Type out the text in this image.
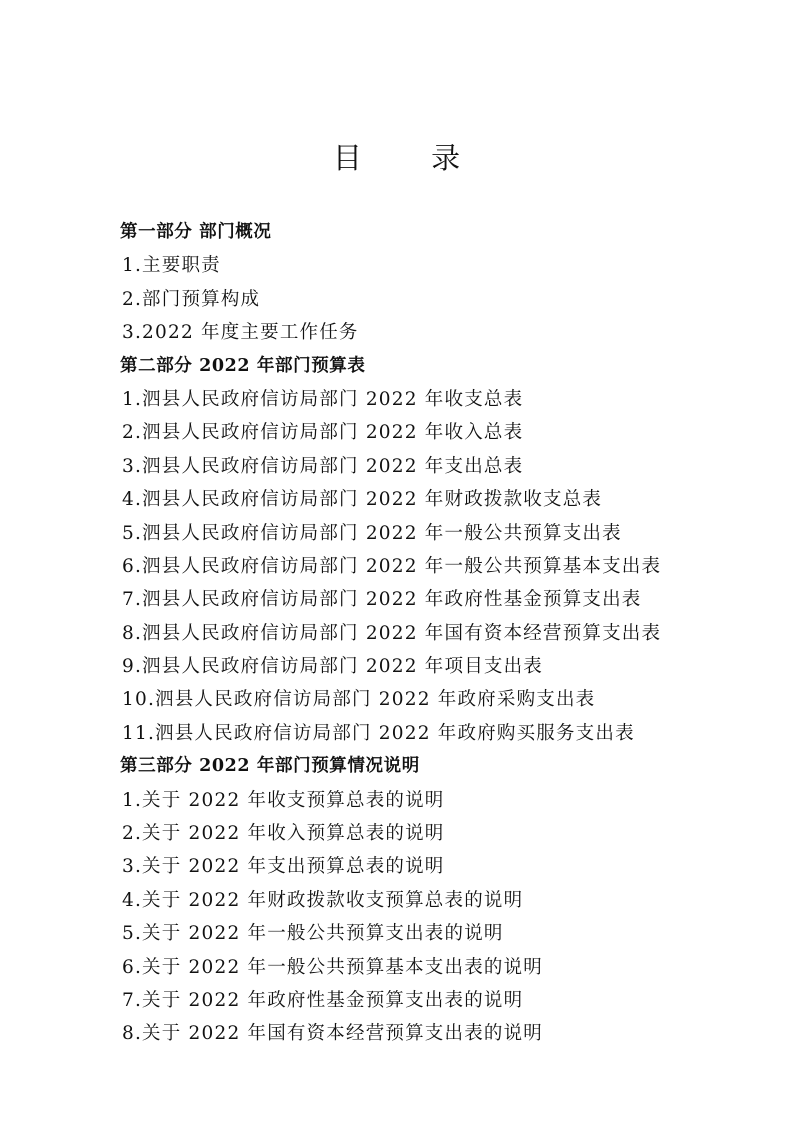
目 录
第一部分 部门概况
1.主要职责
2.部门预算构成
3.2022 年度主要工作任务
第二部分 2022 年部门预算表
1.泗县人民政府信访局部门 2022 年收支总表
2.泗县人民政府信访局部门 2022 年收入总表
3.泗县人民政府信访局部门 2022 年支出总表
4.泗县人民政府信访局部门 2022 年财政拨款收支总表
5.泗县人民政府信访局部门 2022 年一般公共预算支出表
6.泗县人民政府信访局部门 2022 年一般公共预算基本支出表
7.泗县人民政府信访局部门 2022 年政府性基金预算支出表
8.泗县人民政府信访局部门 2022 年国有资本经营预算支出表
9.泗县人民政府信访局部门 2022 年项目支出表
10.泗县人民政府信访局部门 2022 年政府采购支出表
11.泗县人民政府信访局部门 2022 年政府购买服务支出表
第三部分 2022 年部门预算情况说明
1.关于 2022 年收支预算总表的说明
2.关于 2022 年收入预算总表的说明
3.关于 2022 年支出预算总表的说明
4.关于 2022 年财政拨款收支预算总表的说明
5.关于 2022 年一般公共预算支出表的说明
6.关于 2022 年一般公共预算基本支出表的说明
7.关于 2022 年政府性基金预算支出表的说明
8.关于 2022 年国有资本经营预算支出表的说明
